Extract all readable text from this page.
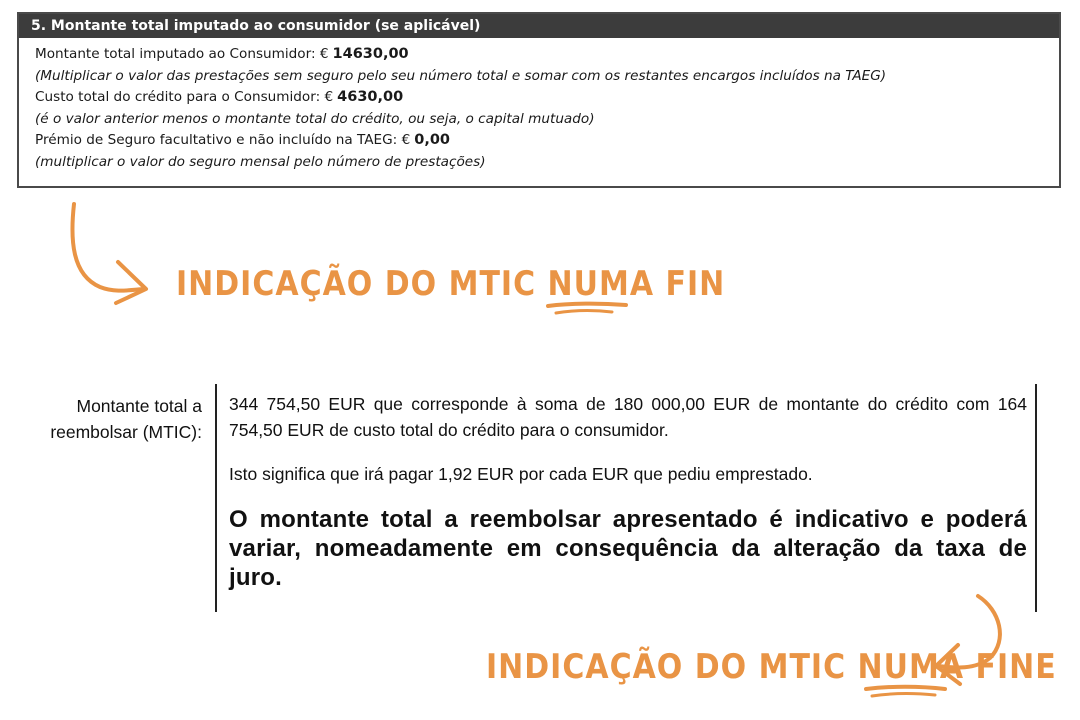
5. Montante total imputado ao consumidor (se aplicável)
Montante total imputado ao Consumidor: € 14630,00
(Multiplicar o valor das prestações sem seguro pelo seu número total e somar com os restantes encargos incluídos na TAEG)
Custo total do crédito para o Consumidor: € 4630,00
(é o valor anterior menos o montante total do crédito, ou seja, o capital mutuado)
Prémio de Seguro facultativo e não incluído na TAEG: € 0,00
(multiplicar o valor do seguro mensal pelo número de prestações)
INDICAÇÃO DO MTIC NUMA FIN
INDICAÇÃO DO MTIC NUMA FINE
Montante total a
reembolsar (MTIC):

344 754,50 EUR que corresponde à soma de 180 000,00 EUR de montante do crédito com 164 754,50 EUR de custo total do crédito para o consumidor.

Isto significa que irá pagar 1,92 EUR por cada EUR que pediu emprestado.

O montante total a reembolsar apresentado é indicativo e poderá variar, nomeadamente em consequência da alteração da taxa de juro.
